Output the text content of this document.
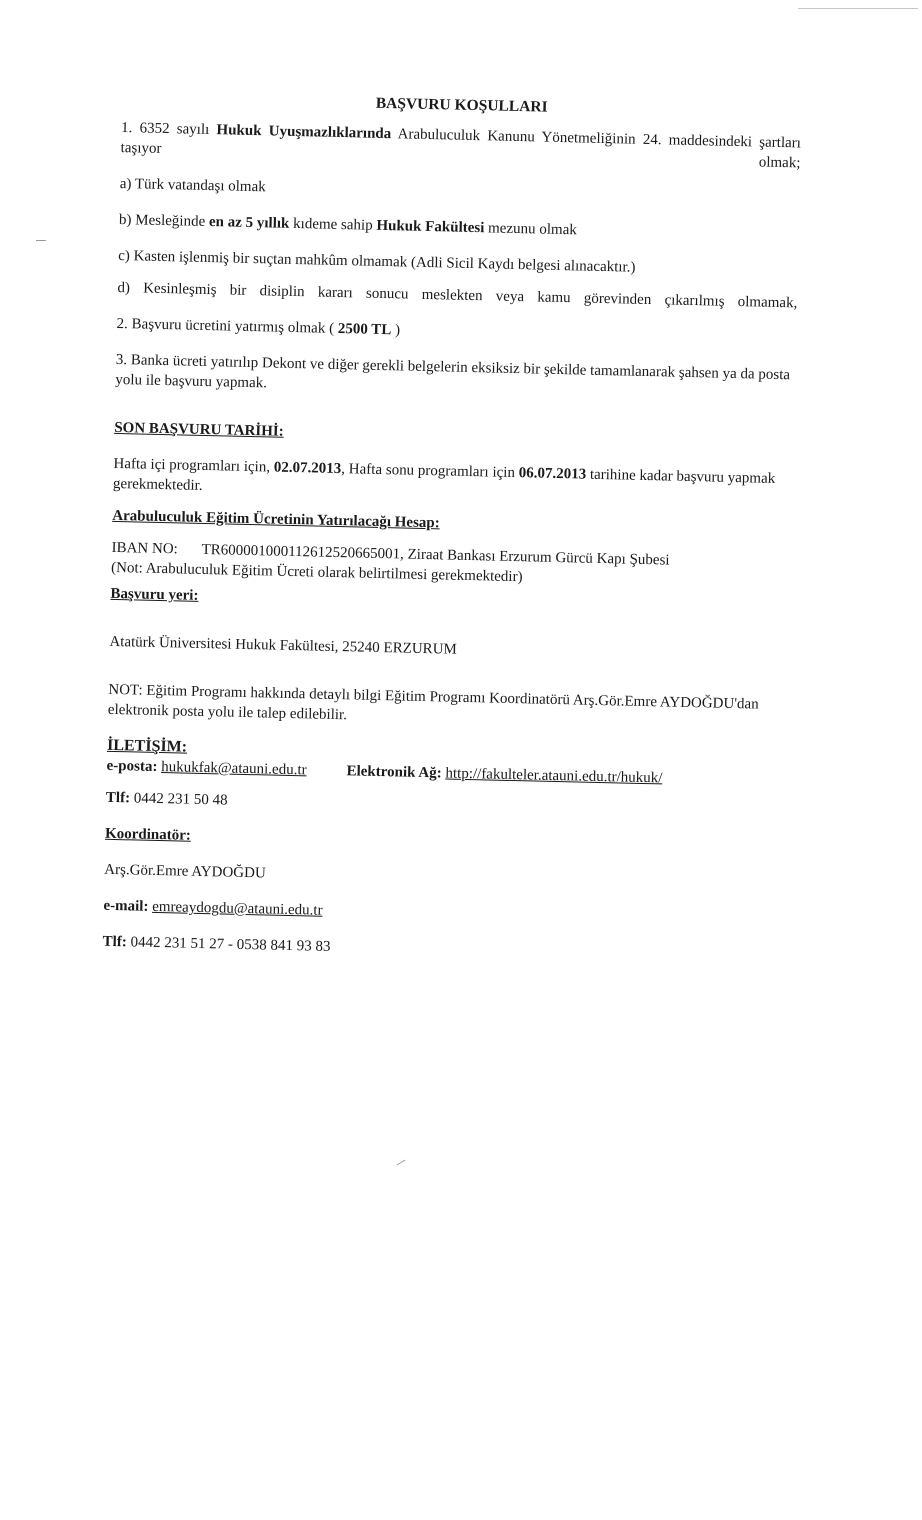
BAŞVURU KOŞULLARI

1. 6352 sayılı Hukuk Uyuşmazlıklarında Arabuluculuk Kanunu Yönetmeliğinin 24. maddesindeki şartları taşıyor olmak;

a) Türk vatandaşı olmak

b) Mesleğinde en az 5 yıllık kıdeme sahip Hukuk Fakültesi mezunu olmak

c) Kasten işlenmiş bir suçtan mahkûm olmamak (Adli Sicil Kaydı belgesi alınacaktır.)

d) Kesinleşmiş bir disiplin kararı sonucu meslekten veya kamu görevinden çıkarılmış olmamak,

2. Başvuru ücretini yatırmış olmak ( 2500 TL )

3. Banka ücreti yatırılıp Dekont ve diğer gerekli belgelerin eksiksiz bir şekilde tamamlanarak şahsen ya da posta yolu ile başvuru yapmak.

SON BAŞVURU TARİHİ:

Hafta içi programları için, 02.07.2013, Hafta sonu programları için 06.07.2013 tarihine kadar başvuru yapmak gerekmektedir.

Arabuluculuk Eğitim Ücretinin Yatırılacağı Hesap:

IBAN NO: TR600001000112612520665001, Ziraat Bankası Erzurum Gürcü Kapı Şubesi

(Not: Arabuluculuk Eğitim Ücreti olarak belirtilmesi gerekmektedir)

Başvuru yeri:

Atatürk Üniversitesi Hukuk Fakültesi, 25240 ERZURUM

NOT: Eğitim Programı hakkında detaylı bilgi Eğitim Programı Koordinatörü Arş.Gör.Emre AYDOĞDU'dan elektronik posta yolu ile talep edilebilir.

İLETİŞİM:

e-posta: hukukfak@atauni.edu.tr	Elektronik Ağ: http://fakulteler.atauni.edu.tr/hukuk/

Tlf: 0442 231 50 48

Koordinatör:

Arş.Gör.Emre AYDOĞDU

e-mail: emreaydogdu@atauni.edu.tr

Tlf: 0442 231 51 27 - 0538 841 93 83
